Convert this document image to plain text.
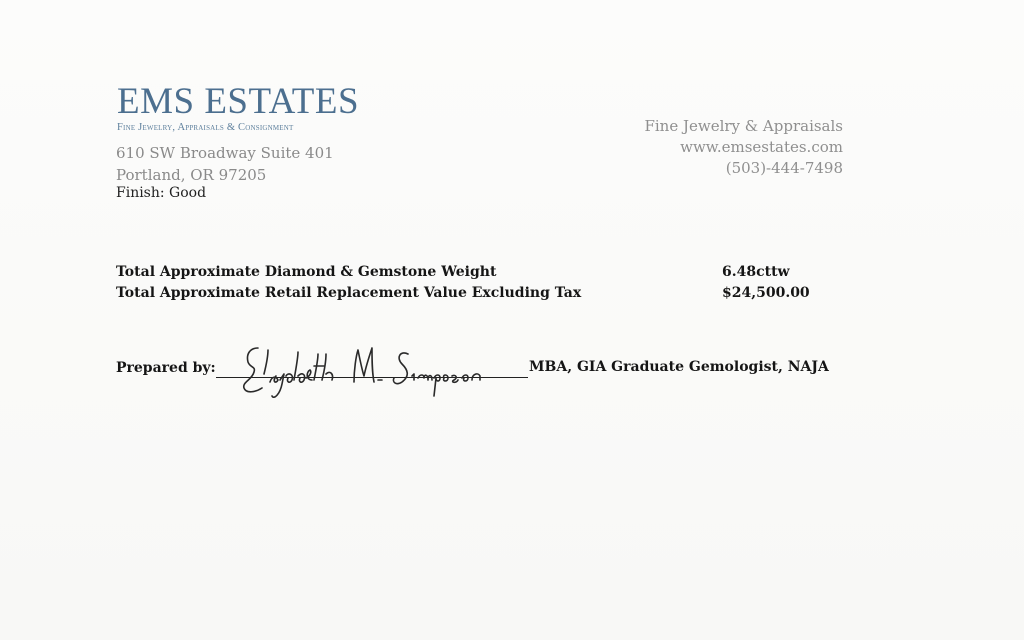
EMS ESTATES
Fine Jewelry, Appraisals & Consignment
610 SW Broadway Suite 401
Portland, OR 97205
Finish: Good
Fine Jewelry & Appraisals
www.emsestates.com
(503)-444-7498
Total Approximate Diamond & Gemstone Weight	6.48cttw
Total Approximate Retail Replacement Value Excluding Tax	$24,500.00
Prepared by:	MBA, GIA Graduate Gemologist, NAJA
